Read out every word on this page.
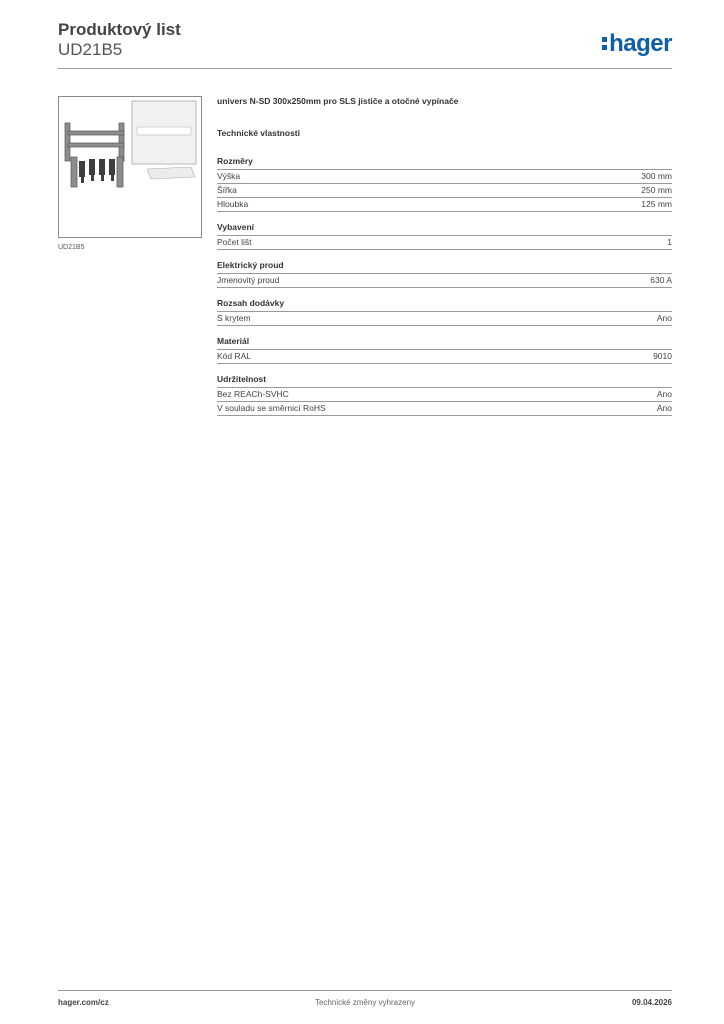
Produktový list
UD21B5	hager
UD21B5
univers N-SD 300x250mm pro SLS jističe a otočné vypínače
Technické vlastnosti
Rozměry
Výška	300 mm
Šířka	250 mm
Hloubka	125 mm
Vybavení
Počet lišt	1
Elektrický proud
Jmenovitý proud	630 A
Rozsah dodávky
S krytem	Ano
Materiál
Kód RAL	9010
Udržitelnost
Bez REACh-SVHC	Ano
V souladu se směrnicí RoHS	Ano
hager.com/cz	Technické změny vyhrazeny	09.04.2026
